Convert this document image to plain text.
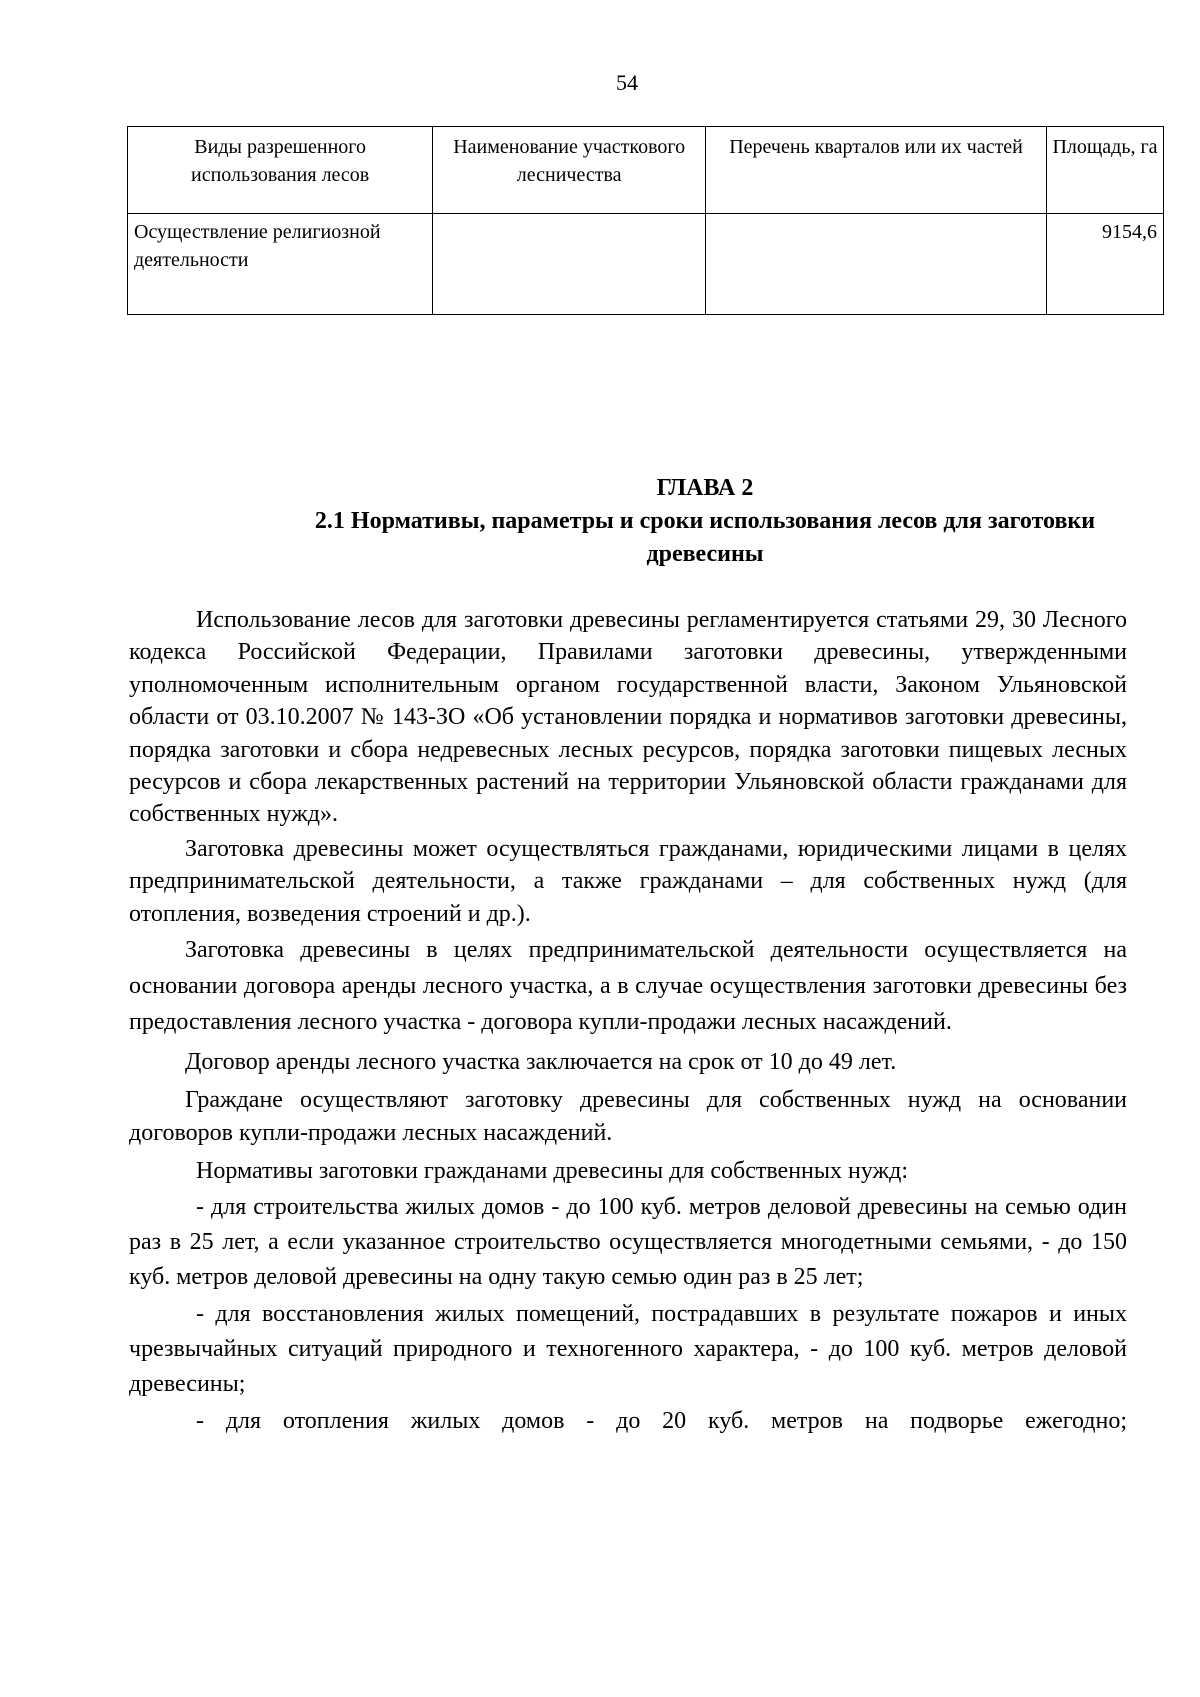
54
Виды разрешенного использования лесов	Наименование участкового лесничества	Перечень кварталов или их частей	Площадь, га
Осуществление религиозной деятельности			9154,6
ГЛАВА 2
2.1 Нормативы, параметры и сроки использования лесов для заготовки древесины

Использование лесов для заготовки древесины регламентируется статьями 29, 30 Лесного кодекса Российской Федерации, Правилами заготовки древесины, утвержденными уполномоченным исполнительным органом государственной власти, Законом Ульяновской области от 03.10.2007 № 143-ЗО «Об установлении порядка и нормативов заготовки древесины, порядка заготовки и сбора недревесных лесных ресурсов, порядка заготовки пищевых лесных ресурсов и сбора лекарственных растений на территории Ульяновской области гражданами для собственных нужд».

Заготовка древесины может осуществляться гражданами, юридическими лицами в целях предпринимательской деятельности, а также гражданами – для собственных нужд (для отопления, возведения строений и др.).

Заготовка древесины в целях предпринимательской деятельности осуществляется на основании договора аренды лесного участка, а в случае осуществления заготовки древесины без предоставления лесного участка - договора купли-продажи лесных насаждений.

Договор аренды лесного участка заключается на срок от 10 до 49 лет.

Граждане осуществляют заготовку древесины для собственных нужд на основании договоров купли-продажи лесных насаждений.

Нормативы заготовки гражданами древесины для собственных нужд:

- для строительства жилых домов - до 100 куб. метров деловой древесины на семью один раз в 25 лет, а если указанное строительство осуществляется многодетными семьями, - до 150 куб. метров деловой древесины на одну такую семью один раз в 25 лет;

- для восстановления жилых помещений, пострадавших в результате пожаров и иных чрезвычайных ситуаций природного и техногенного характера, - до 100 куб. метров деловой древесины;

- для отопления жилых домов - до 20 куб. метров на подворье ежегодно;
